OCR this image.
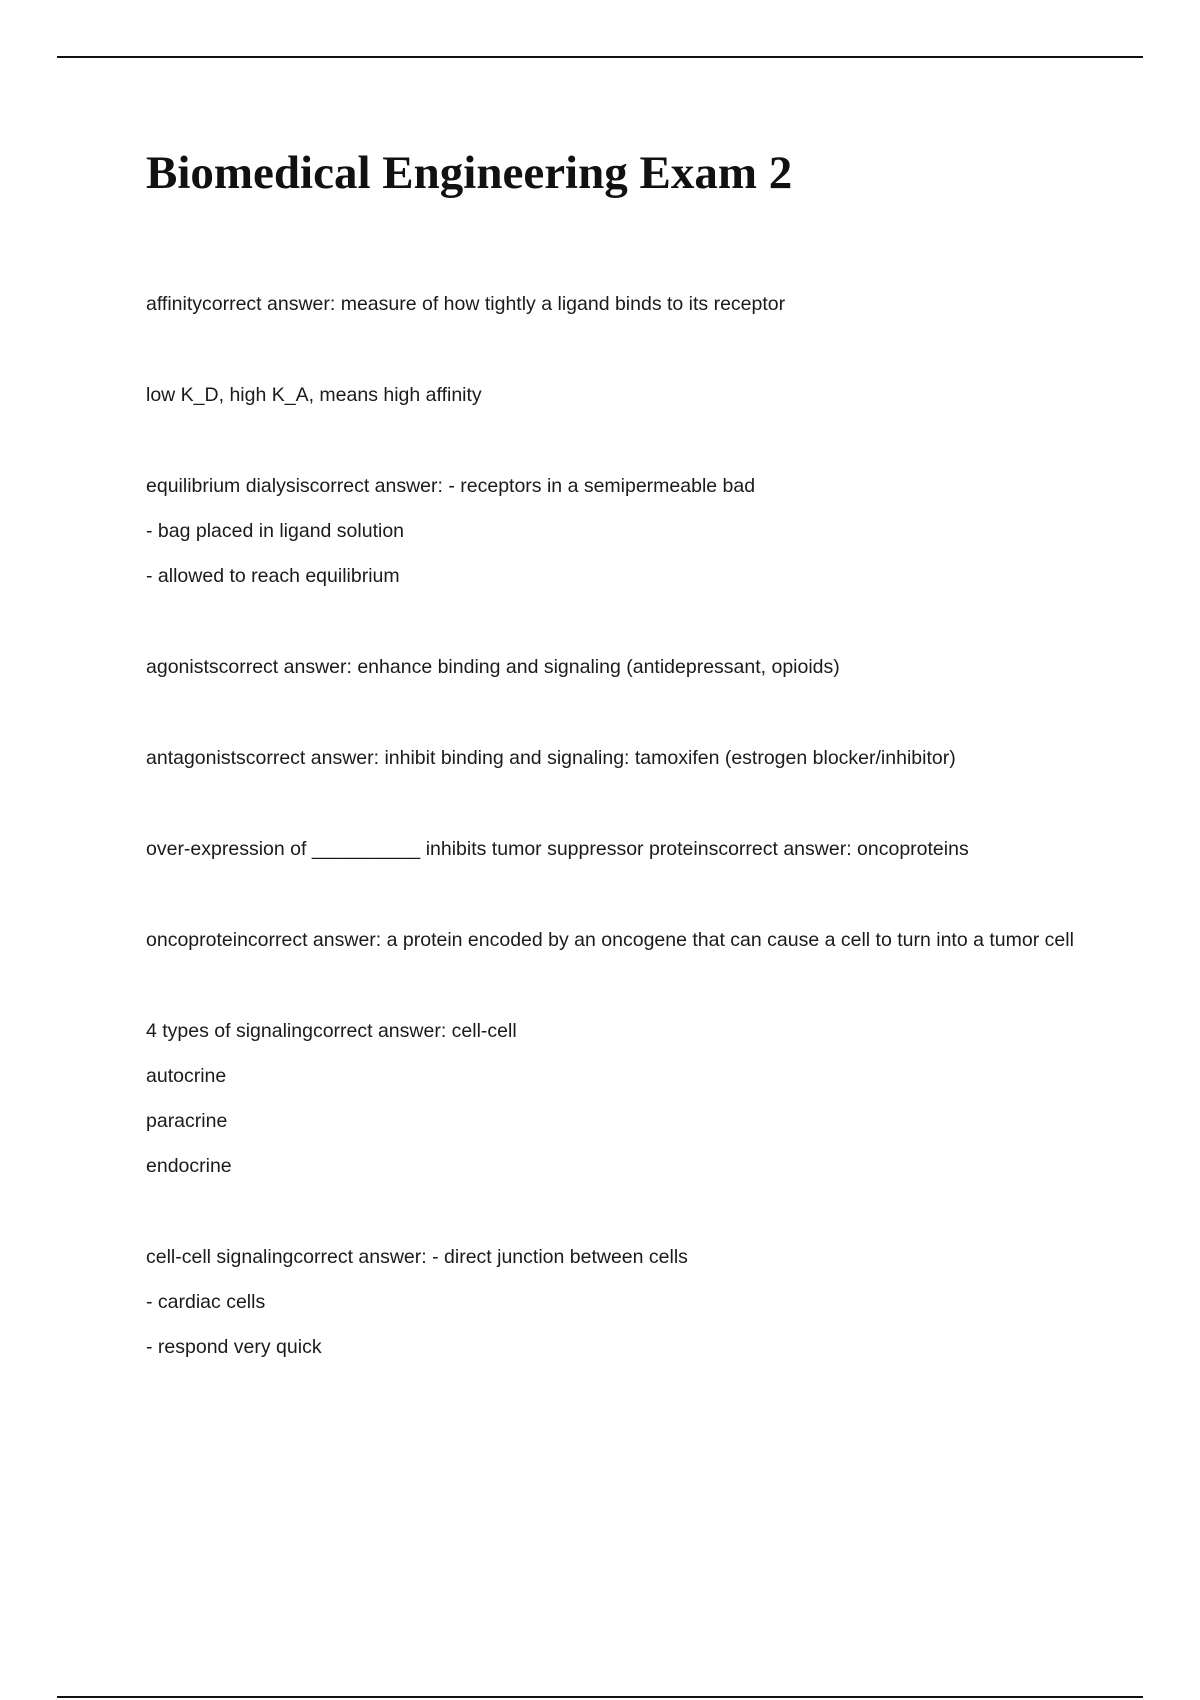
Biomedical Engineering Exam 2

affinitycorrect answer: measure of how tightly a ligand binds to its receptor

low K_D, high K_A, means high affinity

equilibrium dialysiscorrect answer: - receptors in a semipermeable bad

- bag placed in ligand solution

- allowed to reach equilibrium

agonistscorrect answer: enhance binding and signaling (antidepressant, opioids)

antagonistscorrect answer: inhibit binding and signaling: tamoxifen (estrogen blocker/inhibitor)

over-expression of __________ inhibits tumor suppressor proteinscorrect answer: oncoproteins

oncoproteincorrect answer: a protein encoded by an oncogene that can cause a cell to turn into a tumor cell

4 types of signalingcorrect answer: cell-cell

autocrine

paracrine

endocrine

cell-cell signalingcorrect answer: - direct junction between cells

- cardiac cells

- respond very quick
